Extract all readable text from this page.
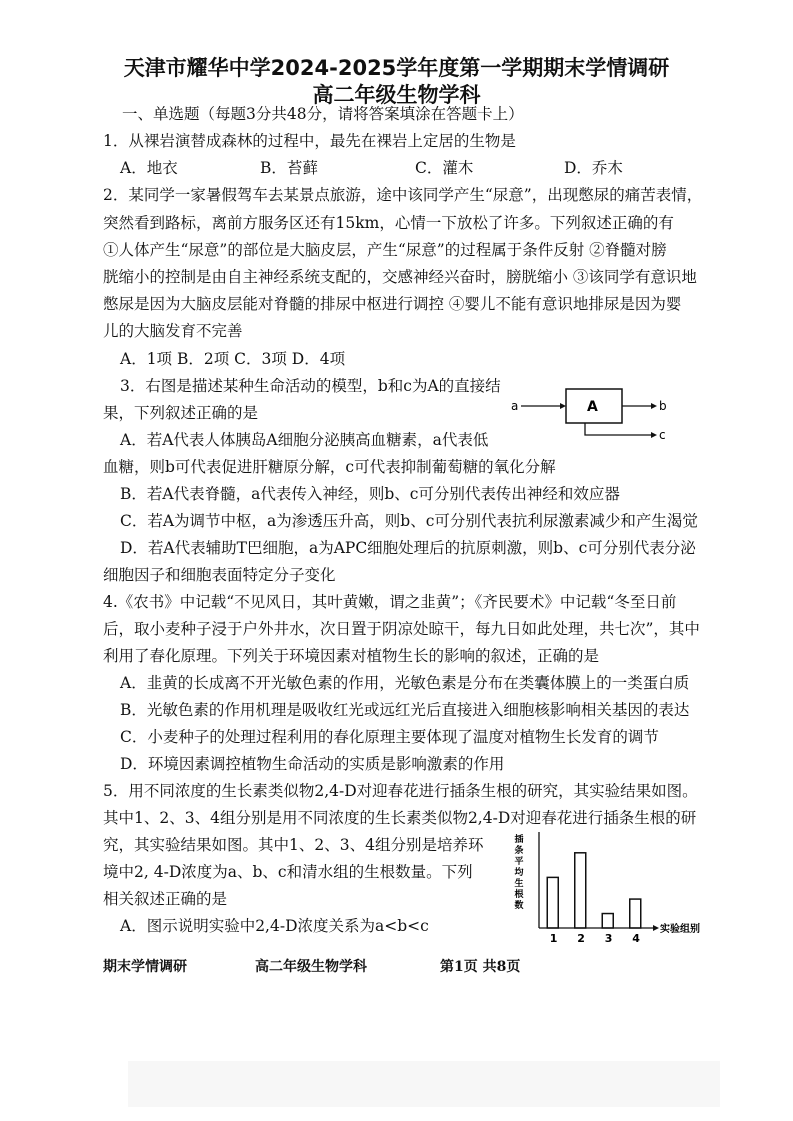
天津市耀华中学2024-2025学年度第一学期期末学情调研
高二年级生物学科
一、单选题（每题3分共48分，请将答案填涂在答题卡上）
1．从裸岩演替成森林的过程中，最先在裸岩上定居的生物是
A．地衣	B．苔藓	C．灌木	D．乔木
2．某同学一家暑假驾车去某景点旅游，途中该同学产生“尿意”，出现憋尿的痛苦表情，
突然看到路标，离前方服务区还有15km，心情一下放松了许多。下列叙述正确的有
①人体产生“尿意”的部位是大脑皮层，产生“尿意”的过程属于条件反射 ②脊髓对膀
胱缩小的控制是由自主神经系统支配的，交感神经兴奋时，膀胱缩小 ③该同学有意识地
憋尿是因为大脑皮层能对脊髓的排尿中枢进行调控 ④婴儿不能有意识地排尿是因为婴
儿的大脑发育不完善
A．1项 B．2项 C．3项 D．4项
3．右图是描述某种生命活动的模型，b和c为A的直接结
果，下列叙述正确的是
A．若A代表人体胰岛A细胞分泌胰高血糖素，a代表低
血糖，则b可代表促进肝糖原分解，c可代表抑制葡萄糖的氧化分解
B．若A代表脊髓，a代表传入神经，则b、c可分别代表传出神经和效应器
C．若A为调节中枢，a为渗透压升高，则b、c可分别代表抗利尿激素减少和产生渴觉
D．若A代表辅助T巴细胞，a为APC细胞处理后的抗原刺激，则b、c可分别代表分泌
细胞因子和细胞表面特定分子变化
a	A	b
c
4.《农书》中记载“不见风日，其叶黄嫩，谓之韭黄”；《齐民要术》中记载“冬至日前
后，取小麦种子浸于户外井水，次日置于阴凉处晾干，每九日如此处理，共七次”，其中
利用了春化原理。下列关于环境因素对植物生长的影响的叙述，正确的是
A．韭黄的长成离不开光敏色素的作用，光敏色素是分布在类囊体膜上的一类蛋白质
B．光敏色素的作用机理是吸收红光或远红光后直接进入细胞核影响相关基因的表达
C．小麦种子的处理过程利用的春化原理主要体现了温度对植物生长发育的调节
D．环境因素调控植物生命活动的实质是影响激素的作用
5．用不同浓度的生长素类似物2,4-D对迎春花进行插条生根的研究，其实验结果如图。
其中1、2、3、4组分别是用不同浓度的生长素类似物2,4-D对迎春花进行插条生根的研
究，其实验结果如图。其中1、2、3、4组分别是培养环
境中2, 4-D浓度为a、b、c和清水组的生根数量。下列
相关叙述正确的是
A．图示说明实验中2,4-D浓度关系为a<b<c
插
条
平
均
生
根
数
实验组别
1 2 3 4
期末学情调研	高二年级生物学科	第1页 共8页
